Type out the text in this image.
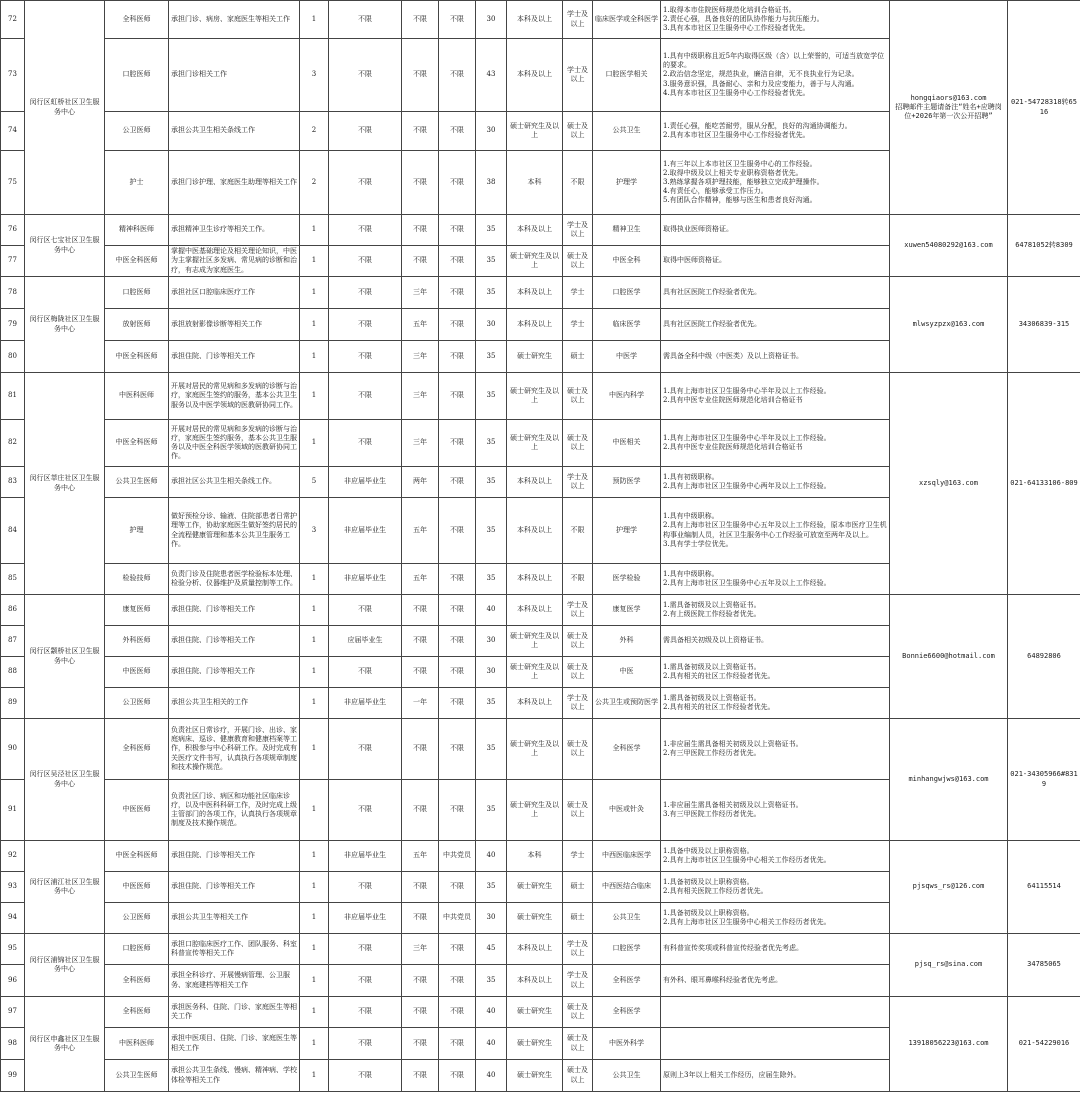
72	闵行区虹桥社区卫生服务中心	全科医师	承担门诊、病房、家庭医生等相关工作	1	不限	不限	不限	30	本科及以上	学士及以上	临床医学或全科医学	1.取得本市住院医师规范化培训合格证书。
2.责任心强，具备良好的团队协作能力与抗压能力。
3.具有本市社区卫生服务中心工作经验者优先。	hongqiaors@163.com
招聘邮件主题请备注“姓名+应聘岗位+2026年第一次公开招聘”	021-54728318转6516
73		口腔医师	承担门诊相关工作	3	不限	不限	不限	43	本科及以上	学士及以上	口腔医学相关	1.具有中级职称且近5年内取得区级（含）以上荣誉的，可适当放宽学位的要求。
2.政治信念坚定，规范执业，廉洁自律，无不良执业行为记录。
3.服务意识强，具备耐心、亲和力及应变能力，善于与人沟通。
4.具有本市社区卫生服务中心工作经验者优先。		
74		公卫医师	承担公共卫生相关条线工作	2	不限	不限	不限	30	硕士研究生及以上	硕士及以上	公共卫生	1.责任心强，能吃苦耐劳，服从分配，良好的沟通协调能力。
2.具有本市社区卫生服务中心工作经验者优先。		
75		护士	承担门诊护理、家庭医生助理等相关工作	2	不限	不限	不限	38	本科	不限	护理学	1.有三年以上本市社区卫生服务中心的工作经验。
2.取得中级及以上相关专业职称资格者优先。
3.熟练掌握各项护理技能，能够独立完成护理操作。
4.有责任心，能够承受工作压力。
5.有团队合作精神，能够与医生和患者良好沟通。		
76	闵行区七宝社区卫生服务中心	精神科医师	承担精神卫生诊疗等相关工作。	1	不限	不限	不限	35	本科及以上	学士及以上	精神卫生	取得执业医师资格证。	xuwen54080292@163.com	64781052转8309
77		中医全科医师	掌握中医基础理论及相关理论知识，中医为主掌握社区多发病、常见病的诊断和治疗，有志成为家庭医生。	1	不限	不限	不限	35	硕士研究生及以上	硕士及以上	中医全科	取得中医师资格证。		
78	闵行区梅陇社区卫生服务中心	口腔医师	承担社区口腔临床医疗工作	1	不限	三年	不限	35	本科及以上	学士	口腔医学	具有社区医院工作经验者优先。	mlwsyzpzx@163.com	34306839-315
79		放射医师	承担放射影像诊断等相关工作	1	不限	五年	不限	30	本科及以上	学士	临床医学	具有社区医院工作经验者优先。		
80		中医全科医师	承担住院、门诊等相关工作	1	不限	三年	不限	35	硕士研究生	硕士	中医学	需具备全科中级（中医类）及以上资格证书。		
81	闵行区莘庄社区卫生服务中心	中医科医师	开展对居民的常见病和多发病的诊断与治疗，家庭医生签约的服务，基本公共卫生服务以及中医学领域的医教研协同工作。	1	不限	三年	不限	35	硕士研究生及以上	硕士及以上	中医内科学	1.具有上海市社区卫生服务中心半年及以上工作经验。
2.具有中医专业住院医师规范化培训合格证书	xzsqly@163.com	021-64133106-809
82		中医全科医师	开展对居民的常见病和多发病的诊断与治疗，家庭医生签约服务，基本公共卫生服务以及中医全科医学领域的医教研协同工作。	1	不限	三年	不限	35	硕士研究生及以上	硕士及以上	中医相关	1.具有上海市社区卫生服务中心半年及以上工作经验。
2.具有中医专业住院医师规范化培训合格证书		
83		公共卫生医师	承担社区公共卫生相关条线工作。	5	非应届毕业生	两年	不限	35	本科及以上	学士及以上	预防医学	1.具有初级职称。
2.具有上海市社区卫生服务中心两年及以上工作经验。		
84		护理	做好预检分诊、输液、住院部患者日常护理等工作，协助家庭医生做好签约居民的全流程健康管理和基本公共卫生服务工作。	3	非应届毕业生	五年	不限	35	本科及以上	不限	护理学	1.具有中级职称。
2.具有上海市社区卫生服务中心五年及以上工作经验，原本市医疗卫生机构事业编制人员，社区卫生服务中心工作经验可放宽至两年及以上。
3.具有学士学位优先。		
85		检验技师	负责门诊及住院患者医学检验标本处理、检验分析、仪器维护及质量控制等工作。	1	非应届毕业生	五年	不限	35	本科及以上	不限	医学检验	1.具有中级职称。
2.具有上海市社区卫生服务中心五年及以上工作经验。		
86	闵行区颛桥社区卫生服务中心	康复医师	承担住院、门诊等相关工作	1	不限	不限	不限	40	本科及以上	学士及以上	康复医学	1.需具备初级及以上资格证书。
2.有上级医院工作经验者优先。	Bonnie6600@hotmail.com	64892806
87		外科医师	承担住院、门诊等相关工作	1	应届毕业生	不限	不限	30	硕士研究生及以上	硕士及以上	外科	需具备相关初级及以上资格证书。		
88		中医医师	承担住院、门诊等相关工作	1	不限	不限	不限	30	硕士研究生及以上	硕士及以上	中医	1.需具备初级及以上资格证书。
2.具有相关的社区工作经验者优先。		
89		公卫医师	承担公共卫生相关的工作	1	非应届毕业生	一年	不限	35	本科及以上	学士及以上	公共卫生或预防医学	1.需具备初级及以上资格证书。
2.具有相关的社区工作经验者优先。		
90	闵行区吴泾社区卫生服务中心	全科医师	负责社区日常诊疗，开展门诊、出诊、家庭病床、巡诊、健康教育和健康档案等工作，积极参与中心科研工作。及时完成有关医疗文件书写，认真执行各项规章制度和技术操作规范。	1	不限	不限	不限	35	硕士研究生及以上	硕士及以上	全科医学	1.非应届生需具备相关初级及以上资格证书。
2.有三甲医院工作经历者优先。	minhangwjws@163.com	021-34305966#8319
91		中医医师	负责社区门诊、病区和功能社区临床诊疗，以及中医科科研工作，及时完成上级主管部门的各项工作，认真执行各项规章制度及技术操作规范。	1	不限	不限	不限	35	硕士研究生及以上	硕士及以上	中医或针灸	1.非应届生需具备相关初级及以上资格证书。
3.有三甲医院工作经历者优先。		
92	闵行区浦江社区卫生服务中心	中医全科医师	承担住院、门诊等相关工作	1	非应届毕业生	五年	中共党员	40	本科	学士	中西医临床医学	1.具备中级及以上职称资格。
2.具有上海市社区卫生服务中心相关工作经历者优先。	pjsqws_rs@126.com	64115514
93		中医医师	承担住院、门诊等相关工作	1	不限	不限	不限	35	硕士研究生	硕士	中西医结合临床	1.具备初级及以上职称资格。
2.具有相关医院工作经历者优先。		
94		公卫医师	承担公共卫生等相关工作	1	非应届毕业生	不限	中共党员	30	硕士研究生	硕士	公共卫生	1.具备初级及以上职称资格。
2.具有上海市社区卫生服务中心相关工作经历者优先。		
95	闵行区浦锦社区卫生服务中心	口腔医师	承担口腔临床医疗工作、团队服务、科室科普宣传等相关工作	1	不限	三年	不限	45	本科及以上	学士及以上	口腔医学	有科普宣传奖项或科普宣传经验者优先考虑。	pjsq_rs@sina.com	34785065
96		全科医师	承担全科诊疗、开展慢病管理、公卫服务、家庭建档等相关工作	1	不限	不限	不限	35	本科及以上	学士及以上	全科医学	有外科、眼耳鼻喉科经验者优先考虑。		
97	闵行区申鑫社区卫生服务中心	全科医师	承担医务科、住院、门诊、家庭医生等相关工作	1	不限	不限	不限	40	硕士研究生	硕士及以上	全科医学		13918056223@163.com	021-54229016
98		中医科医师	承担中医项目、住院、门诊、家庭医生等相关工作	1	不限	不限	不限	40	硕士研究生	硕士及以上	中医外科学			
99		公共卫生医师	承担公共卫生条线、慢病、精神病、学校体检等相关工作	1	不限	不限	不限	40	硕士研究生	硕士及以上	公共卫生	原则上3年以上相关工作经历，应届生除外。		
